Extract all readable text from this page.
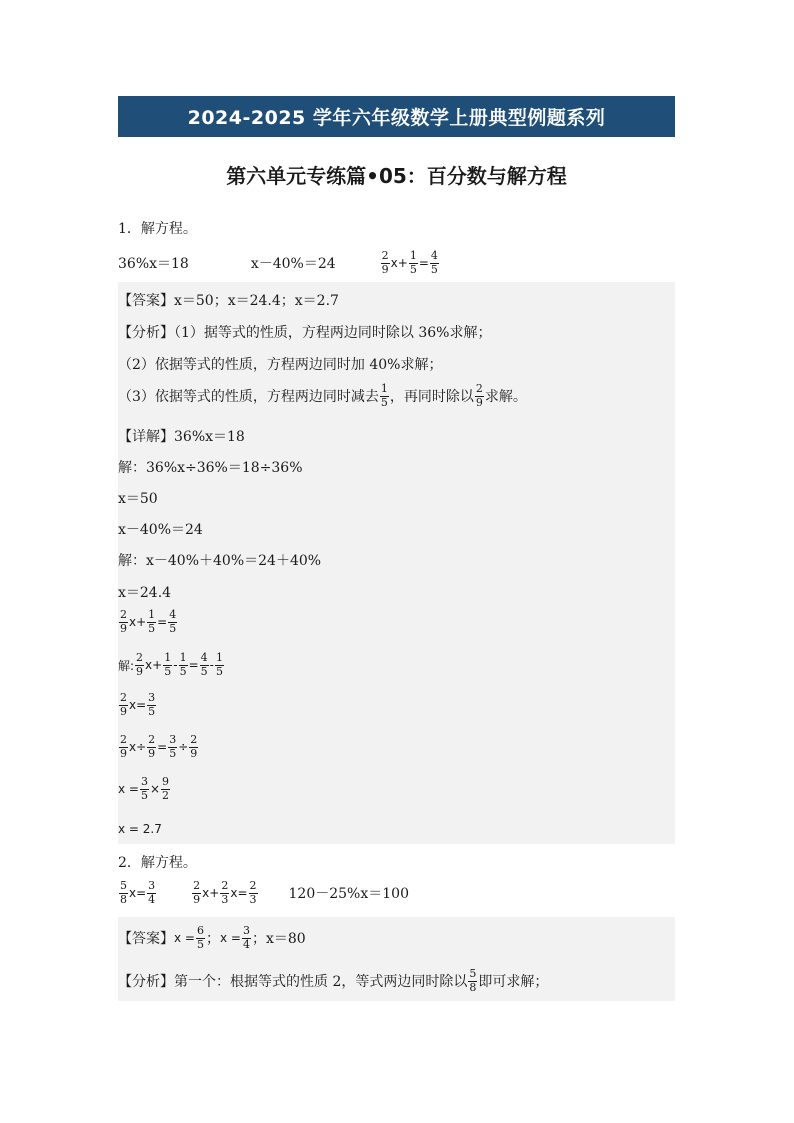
2024-2025 学年六年级数学上册典型例题系列
第六单元专练篇•05：百分数与解方程
1．解方程。
36%x＝18	x－40%＝24	$\frac{2}{9}$ $x + \frac{1}{5} = \frac{4}{5}$
【答案】x＝50；x＝24.4；x＝2.7
【分析】（1）据等式的性质，方程两边同时除以 36%求解；
（2）依据等式的性质，方程两边同时加 40%求解；
（3）依据等式的性质，方程两边同时减去 $\frac{1}{5}$ ，再同时除以 $\frac{2}{9}$ 求解。
【详解】36%x＝18
解：36%x÷36%＝18÷36%
x＝50
x－40%＝24
解：x－40%＋40%＝24＋40%
x＝24.4
$\frac{2}{9}$ $x + \frac{1}{5} = \frac{4}{5}$
解: $\frac{2}{9}$ $x + \frac{1}{5} - \frac{1}{5} = \frac{4}{5} - \frac{1}{5}$
$\frac{2}{9}$ $x = \frac{3}{5}$
$\frac{2}{9}$ $x \div \frac{2}{9} = \frac{3}{5} \div \frac{2}{9}$
$x = \frac{3}{5} \times \frac{9}{2}$
x = 2.7
2．解方程。
$\frac{5}{8}$ $x = \frac{3}{4}$	$\frac{2}{9}$ $x + \frac{2}{3}$ $x = \frac{2}{3} 120-25\%x=100$
【答案】 $x = \frac{6}{5}$ ； $x = \frac{3}{4}$ ；x＝80
【分析】第一个：根据等式的性质 2，等式两边同时除以 $\frac{5}{8}$ 即可求解；
